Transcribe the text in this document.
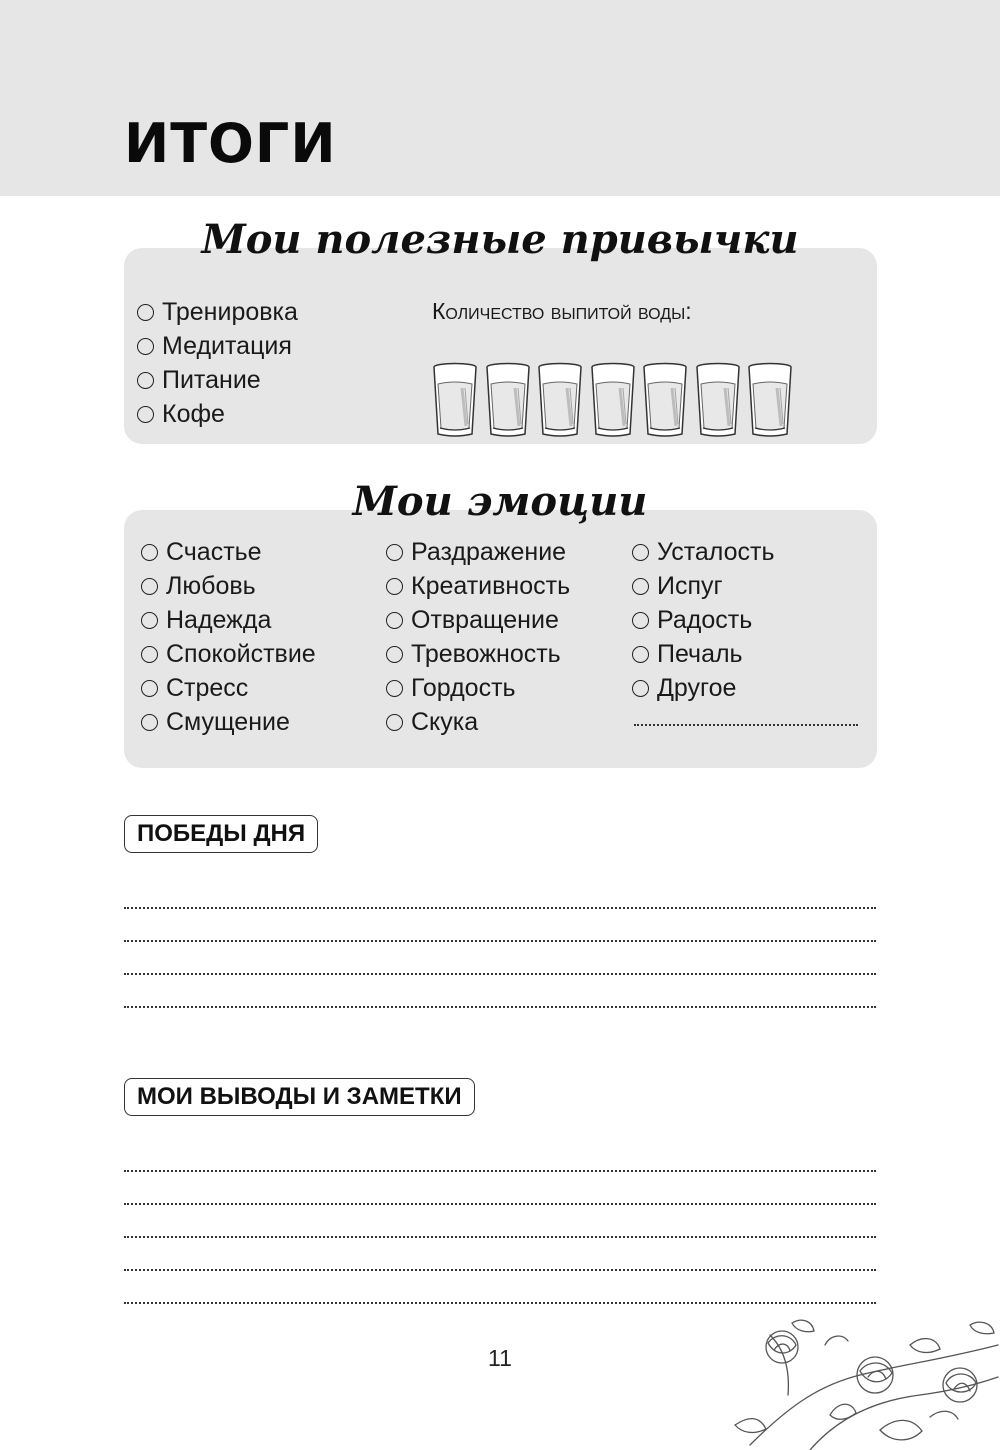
ИТОГИ
Мои полезные привычки
Тренировка
Медитация
Питание
Кофе
Количество выпитой воды:
Мои эмоции
Счастье
Любовь
Надежда
Спокойствие
Стресс
Смущение
Раздражение
Креативность
Отвращение
Тревожность
Гордость
Скука
Усталость
Испуг
Радость
Печаль
Другое
ПОБЕДЫ ДНЯ
МОИ ВЫВОДЫ И ЗАМЕТКИ
11
